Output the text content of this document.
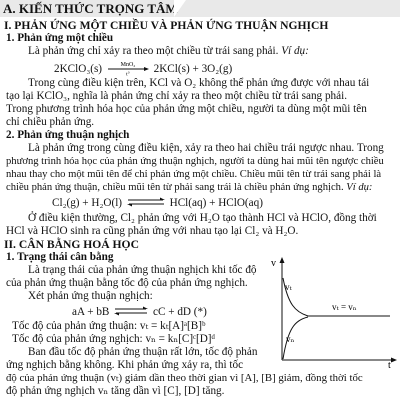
A. KIẾN THỨC TRỌNG TÂM
I. PHẢN ỨNG MỘT CHIỀU VÀ PHẢN ỨNG THUẬN NGHỊCH
1. Phản ứng một chiều
Là phản ứng chỉ xảy ra theo một chiều từ trái sang phải. Ví dụ:
2KClO₃(s)	MnO₂
t° 2KCl(s) + 3O₂(g)
Trong cùng điều kiện trên, KCl và O₂ không thể phản ứng được với nhau tái
tạo lại KClO₃, nghĩa là phản ứng chỉ xảy ra theo một chiều từ trái sang phải.
Trong phương trình hóa học của phản ứng một chiều, người ta dùng một mũi tên
chỉ chiều phản ứng.
2. Phản ứng thuận nghịch
Là phản ứng trong cùng điều kiện, xảy ra theo hai chiều trái ngược nhau. Trong
phương trình hóa học của phản ứng thuận nghịch, người ta dùng hai mũi tên ngược chiều
nhau thay cho một mũi tên để chỉ phản ứng một chiều. Chiều mũi tên từ trái sang phải là
chiều phản ứng thuận, chiều mũi tên từ phải sang trái là chiều phản ứng nghịch. Ví dụ:
Cl₂(g) + H₂O(l) ⇌ HCl(aq) + HClO(aq)
Ở điều kiện thường, Cl₂ phản ứng với H₂O tạo thành HCl và HClO, đồng thời
HCl và HClO sinh ra cũng phản ứng với nhau tạo lại Cl₂ và H₂O.
II. CÂN BẰNG HOÁ HỌC
1. Trạng thái cân bằng
Là trạng thái của phản ứng thuận nghịch khi tốc độ
của phản ứng thuận bằng tốc độ của phản ứng nghịch.
Xét phản ứng thuận nghịch:
aA + bB ⇌ cC + dD (*)
Tốc độ của phản ứng thuận: vₜ = kₜ[A]ᵃ[B]ᵇ
Tốc độ của phản ứng nghịch: vₙ = kₙ[C]ᶜ[D]ᵈ
Ban đầu tốc độ phản ứng thuận rất lớn, tốc độ phản
ứng nghịch bằng không. Khi phản ứng xảy ra, thì tốc
độ của phản ứng thuận (vₜ) giảm dần theo thời gian vì [A], [B] giảm, đồng thời tốc
độ phản ứng nghịch vₙ tăng dần vì [C], [D] tăng.
v
t
vₜ
vₙ
vₜ = vₙ
